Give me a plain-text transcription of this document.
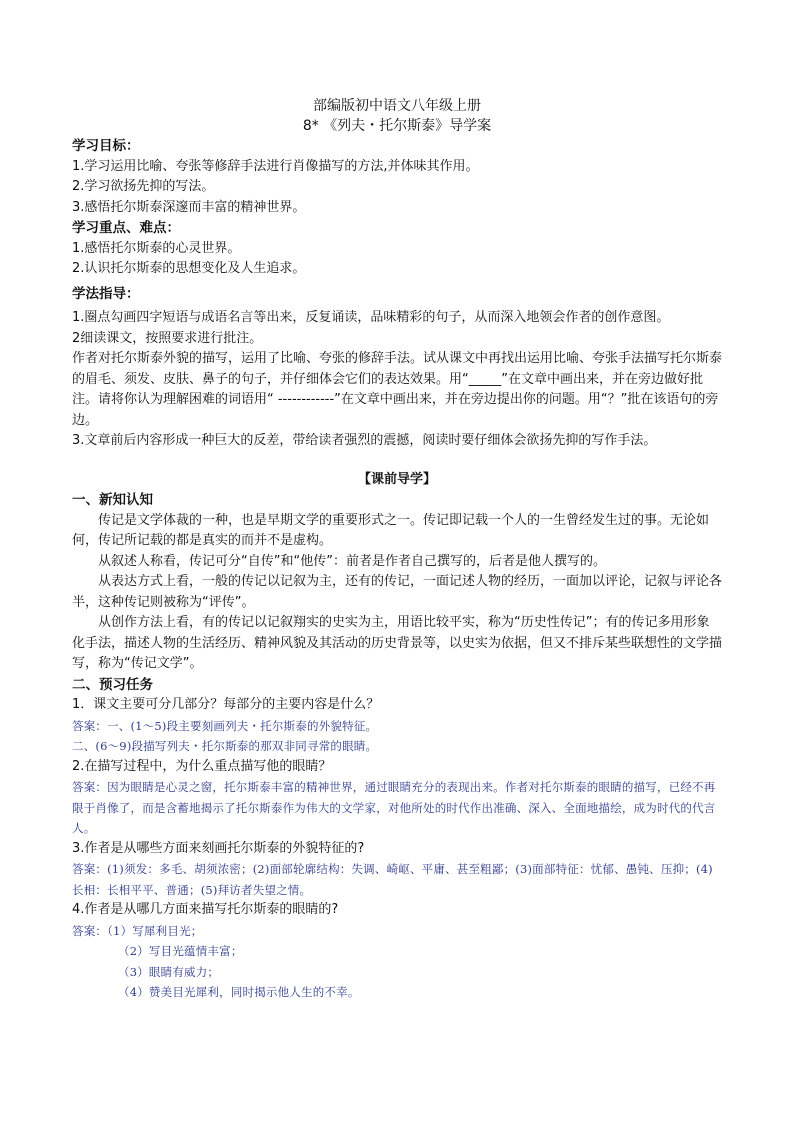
部编版初中语文八年级上册
8* 《列夫・托尔斯泰》导学案
学习目标：

1.学习运用比喻、夸张等修辞手法进行肖像描写的方法,并体味其作用。

2.学习欲扬先抑的写法。

3.感悟托尔斯泰深邃而丰富的精神世界。

学习重点、难点：

1.感悟托尔斯泰的心灵世界。

2.认识托尔斯泰的思想变化及人生追求。

学法指导：

1.圈点勾画四字短语与成语名言等出来，反复诵读，品味精彩的句子，从而深入地领会作者的创作意图。

2细读课文，按照要求进行批注。

作者对托尔斯泰外貌的描写，运用了比喻、夸张的修辞手法。试从课文中再找出运用比喻、夸张手法描写托尔斯泰的眉毛、须发、皮肤、鼻子的句子，并仔细体会它们的表达效果。用“_____”在文章中画出来，并在旁边做好批注。请将你认为理解困难的词语用“ ------------”在文章中画出来，并在旁边提出你的问题。用“？”批在该语句的旁边。

3.文章前后内容形成一种巨大的反差，带给读者强烈的震撼，阅读时要仔细体会欲扬先抑的写作手法。

【课前导学】
一、新知认知

传记是文学体裁的一种，也是早期文学的重要形式之一。传记即记载一个人的一生曾经发生过的事。无论如何，传记所记载的都是真实的而并不是虚构。

从叙述人称看，传记可分“自传”和“他传”：前者是作者自己撰写的，后者是他人撰写的。

从表达方式上看，一般的传记以记叙为主，还有的传记，一面记述人物的经历，一面加以评论，记叙与评论各半，这种传记则被称为“评传”。

从创作方法上看，有的传记以记叙翔实的史实为主，用语比较平实，称为“历史性传记”；有的传记多用形象化手法，描述人物的生活经历、精神风貌及其活动的历史背景等，以史实为依据，但又不排斥某些联想性的文学描写，称为“传记文学”。

二、预习任务

1．课文主要可分几部分？每部分的主要内容是什么？

答案：一、(1～5)段主要刻画列夫・托尔斯泰的外貌特征。

二、(6～9)段描写列夫・托尔斯泰的那双非同寻常的眼睛。

2.在描写过程中，为什么重点描写他的眼睛？

答案：因为眼睛是心灵之窗，托尔斯泰丰富的精神世界，通过眼睛充分的表现出来。作者对托尔斯泰的眼睛的描写，已经不再限于肖像了，而是含蓄地揭示了托尔斯泰作为伟大的文学家，对他所处的时代作出准确、深入、全面地描绘，成为时代的代言人。

3.作者是从哪些方面来刻画托尔斯泰的外貌特征的?

答案：(1)须发：多毛、胡须浓密；(2)面部轮廓结构：失调、崎岖、平庸、甚至粗鄙；(3)面部特征：忧郁、愚钝、压抑；(4)长相：长相平平、普通；(5)拜访者失望之情。

4.作者是从哪几方面来描写托尔斯泰的眼睛的?

答案：（1）写犀利目光；

（2）写目光蕴情丰富；

（3）眼睛有威力；

（4）赞美目光犀利，同时揭示他人生的不幸。
